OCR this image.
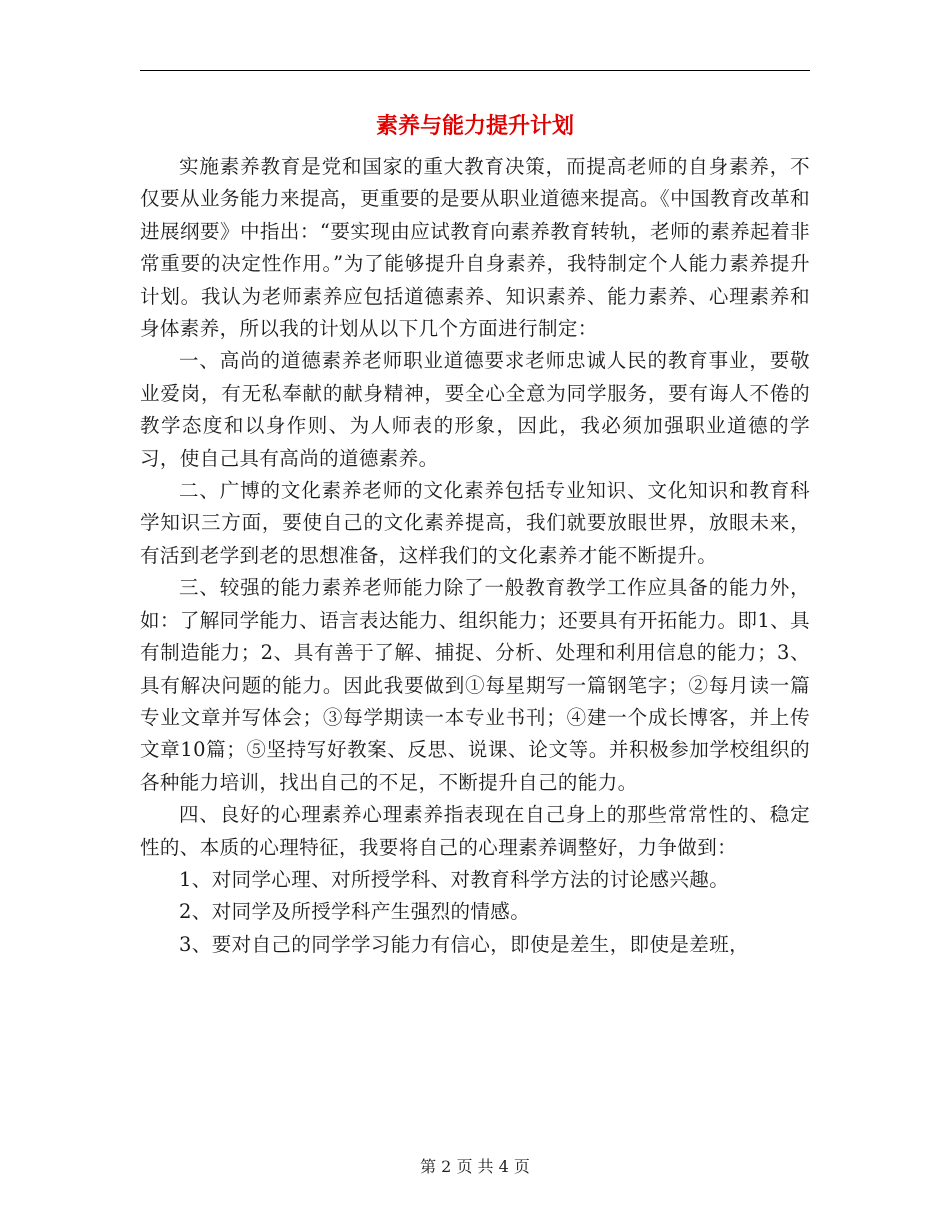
素养与能力提升计划

实施素养教育是党和国家的重大教育决策，而提高老师的自身素养，不仅要从业务能力来提高，更重要的是要从职业道德来提高。《中国教育改革和进展纲要》中指出：“要实现由应试教育向素养教育转轨，老师的素养起着非常重要的决定性作用。”为了能够提升自身素养，我特制定个人能力素养提升计划。我认为老师素养应包括道德素养、知识素养、能力素养、心理素养和身体素养，所以我的计划从以下几个方面进行制定：

一、高尚的道德素养老师职业道德要求老师忠诚人民的教育事业，要敬业爱岗，有无私奉献的献身精神，要全心全意为同学服务，要有诲人不倦的教学态度和以身作则、为人师表的形象，因此，我必须加强职业道德的学习，使自己具有高尚的道德素养。

二、广博的文化素养老师的文化素养包括专业知识、文化知识和教育科学知识三方面，要使自己的文化素养提高，我们就要放眼世界，放眼未来，有活到老学到老的思想准备，这样我们的文化素养才能不断提升。

三、较强的能力素养老师能力除了一般教育教学工作应具备的能力外，如：了解同学能力、语言表达能力、组织能力；还要具有开拓能力。即1、具有制造能力；2、具有善于了解、捕捉、分析、处理和利用信息的能力；3、具有解决问题的能力。因此我要做到①每星期写一篇钢笔字；②每月读一篇专业文章并写体会；③每学期读一本专业书刊；④建一个成长博客，并上传文章10篇；⑤坚持写好教案、反思、说课、论文等。并积极参加学校组织的各种能力培训，找出自己的不足，不断提升自己的能力。

四、良好的心理素养心理素养指表现在自己身上的那些常常性的、稳定性的、本质的心理特征，我要将自己的心理素养调整好，力争做到：

1、对同学心理、对所授学科、对教育科学方法的讨论感兴趣。

2、对同学及所授学科产生强烈的情感。

3、要对自己的同学学习能力有信心，即使是差生，即使是差班，

第 2 页 共 4 页
